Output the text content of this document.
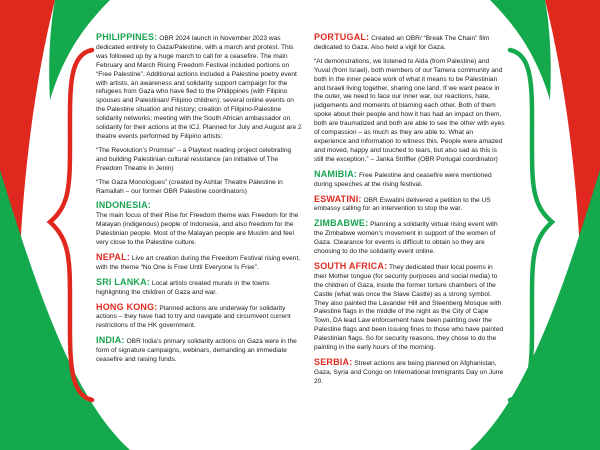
PHILIPPINES: OBR 2024 launch in November 2023 was dedicated entirely to Gaza/Palestine, with a march and protest. This was followed up by a huge march to call for a ceasefire. The main February and March Rising Freedom Festival included portions on “Free Palestine”. Additional actions included a Palestine poetry event with artists, an awareness and solidarity support campaign for the refugees from Gaza who have fled to the Philippines (with Filipino spouses and Palestinian/ Filipino children); several online events on the Palestine situation and history; creation of Filipino-Palestine solidarity networks; meeting with the South African ambassador on solidarity for their actions at the ICJ. Planned for July and August are 2 theatre events performed by Filipino artists:
“The Revolution’s Promise” – a Playtext reading project celebrating and building Palestinian cultural resistance (an initiative of The Freedom Theatre in Jenin)
“The Gaza Monologues” (created by Ashtar Theatre Palestine in Ramallah – our former OBR Palestine coordinators)
INDONESIA:
The main focus of their Rise for Freedom theme was Freedom for the Malayan (indigenous) people of Indonesia, and also freedom for the Palestinian people. Most of the Malayan people are Muslim and feel very close to the Palestine culture.
NEPAL: Live art creation during the Freedom Festival rising event, with the theme “No One is Free Until Everyone Is Free”.
SRI LANKA: Local artists created murals in the towns highlighting the children of Gaza and war.
HONG KONG: Planned actions are underway for solidarity actions – they have had to try and navigate and circumvent current restrictions of the HK government.
INDIA: OBR India’s primary solidarity actions on Gaza were in the form of signature campaigns, webinars, demanding an immediate ceasefire and raising funds.
PORTUGAL: Created an OBR/ “Break The Chain” film dedicated to Gaza. Also held a vigil for Gaza.
“At demonstrations, we listened to Aida (from Palestine) and Yuval (from Israel), both members of our Tamera community and both in the inner peace work of what it means to be Palestinian and Israeli living together, sharing one land. If we want peace in the outer, we need to face our inner war, our reactions, hate, judgements and moments of blaming each other. Both of them spoke about their people and how it has had an impact on them, both are traumatized and both are able to see the other with eyes of compassion – as much as they are able to. What an experience and information to witness this. People were amazed and moved, happy and touched to tears, but also sad as this is still the exception.” – Janka Striffler (OBR Portugal coordinator)
NAMIBIA: Free Palestine and ceasefire were mentioned during speeches at the rising festival.
ESWATINI: OBR Eswatini delivered a petition to the US embassy calling for an intervention to stop the war.
ZIMBABWE: Planning a solidarity virtual rising event with the Zimbabwe women’s movement in support of the women of Gaza. Clearance for events is difficult to obtain so they are choosing to do the solidarity event online.
SOUTH AFRICA: They dedicated their local poems in their Mother tongue (for security purposes and social media) to the children of Gaza, inside the former torture chambers of the Castle (what was once the Slave Castle) as a strong symbol. They also painted the Lavander Hill and Steenberg Mosque with Palestine flags in the middle of the night as the City of Cape Town, DA lead Law enforcement have been painting over the Palestine flags and been issuing fines to those who have painted Palestinian flags. So for security reasons, they chose to do the painting in the early hours of the morning.
SERBIA: Street actions are being planned on Afghanistan, Gaza, Syria and Congo on International Immigrants Day on June 20.
